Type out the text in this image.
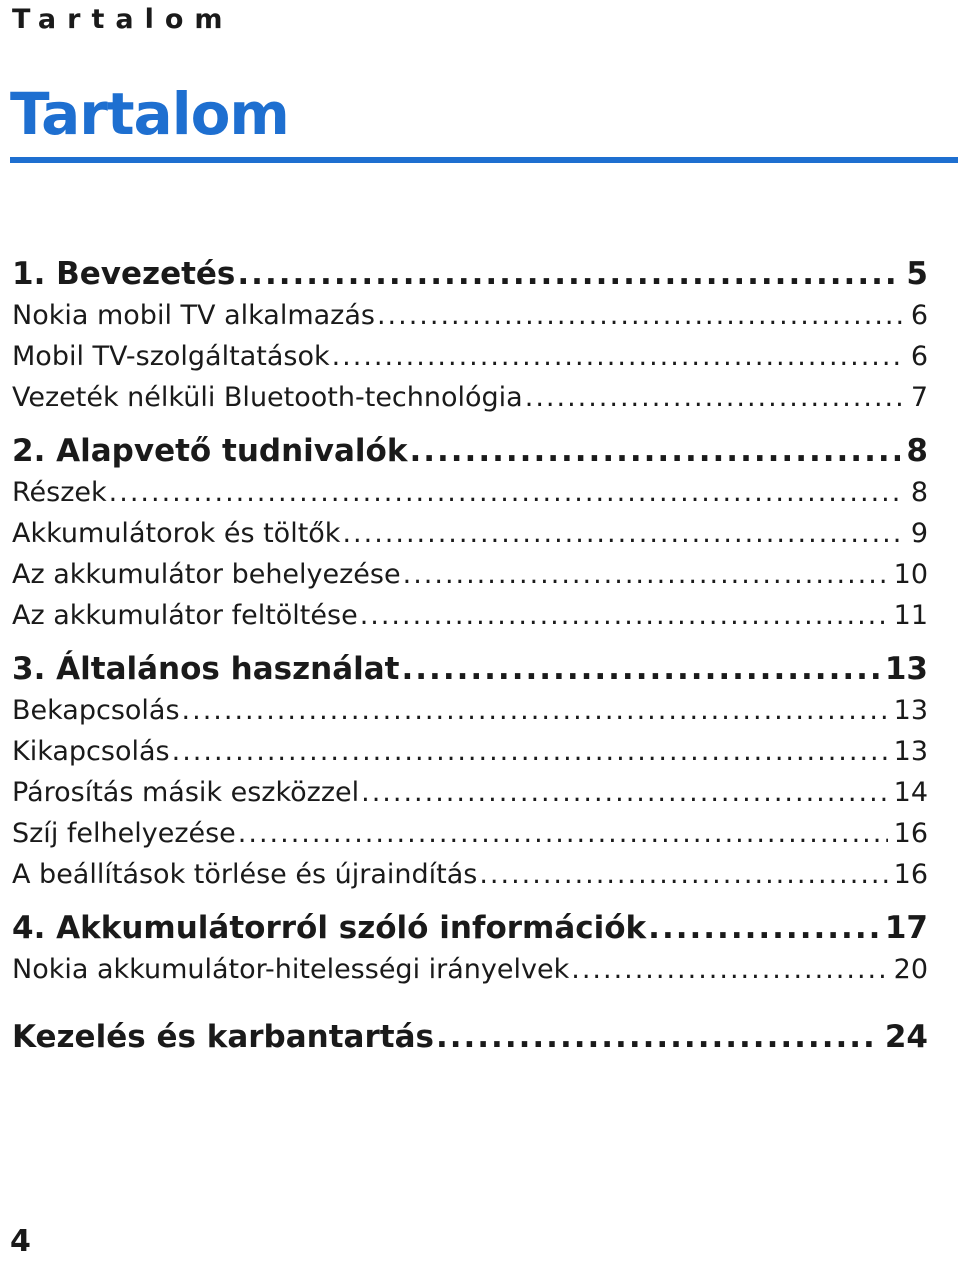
Tartalom
Tartalom
1. Bevezetés .....	5
Nokia mobil TV alkalmazás .....	6
Mobil TV-szolgáltatások .....	6
Vezeték nélküli Bluetooth-technológia .....	7
2. Alapvető tudnivalók .....	8
Részek .....	8
Akkumulátorok és töltők .....	9
Az akkumulátor behelyezése .....	10
Az akkumulátor feltöltése .....	11
3. Általános használat .....	13
Bekapcsolás .....	13
Kikapcsolás .....	13
Párosítás másik eszközzel .....	14
Szíj felhelyezése .....	16
A beállítások törlése és újraindítás .....	16
4. Akkumulátorról szóló információk .....	17
Nokia akkumulátor-hitelességi irányelvek .....	20
Kezelés és karbantartás .....	24
4
